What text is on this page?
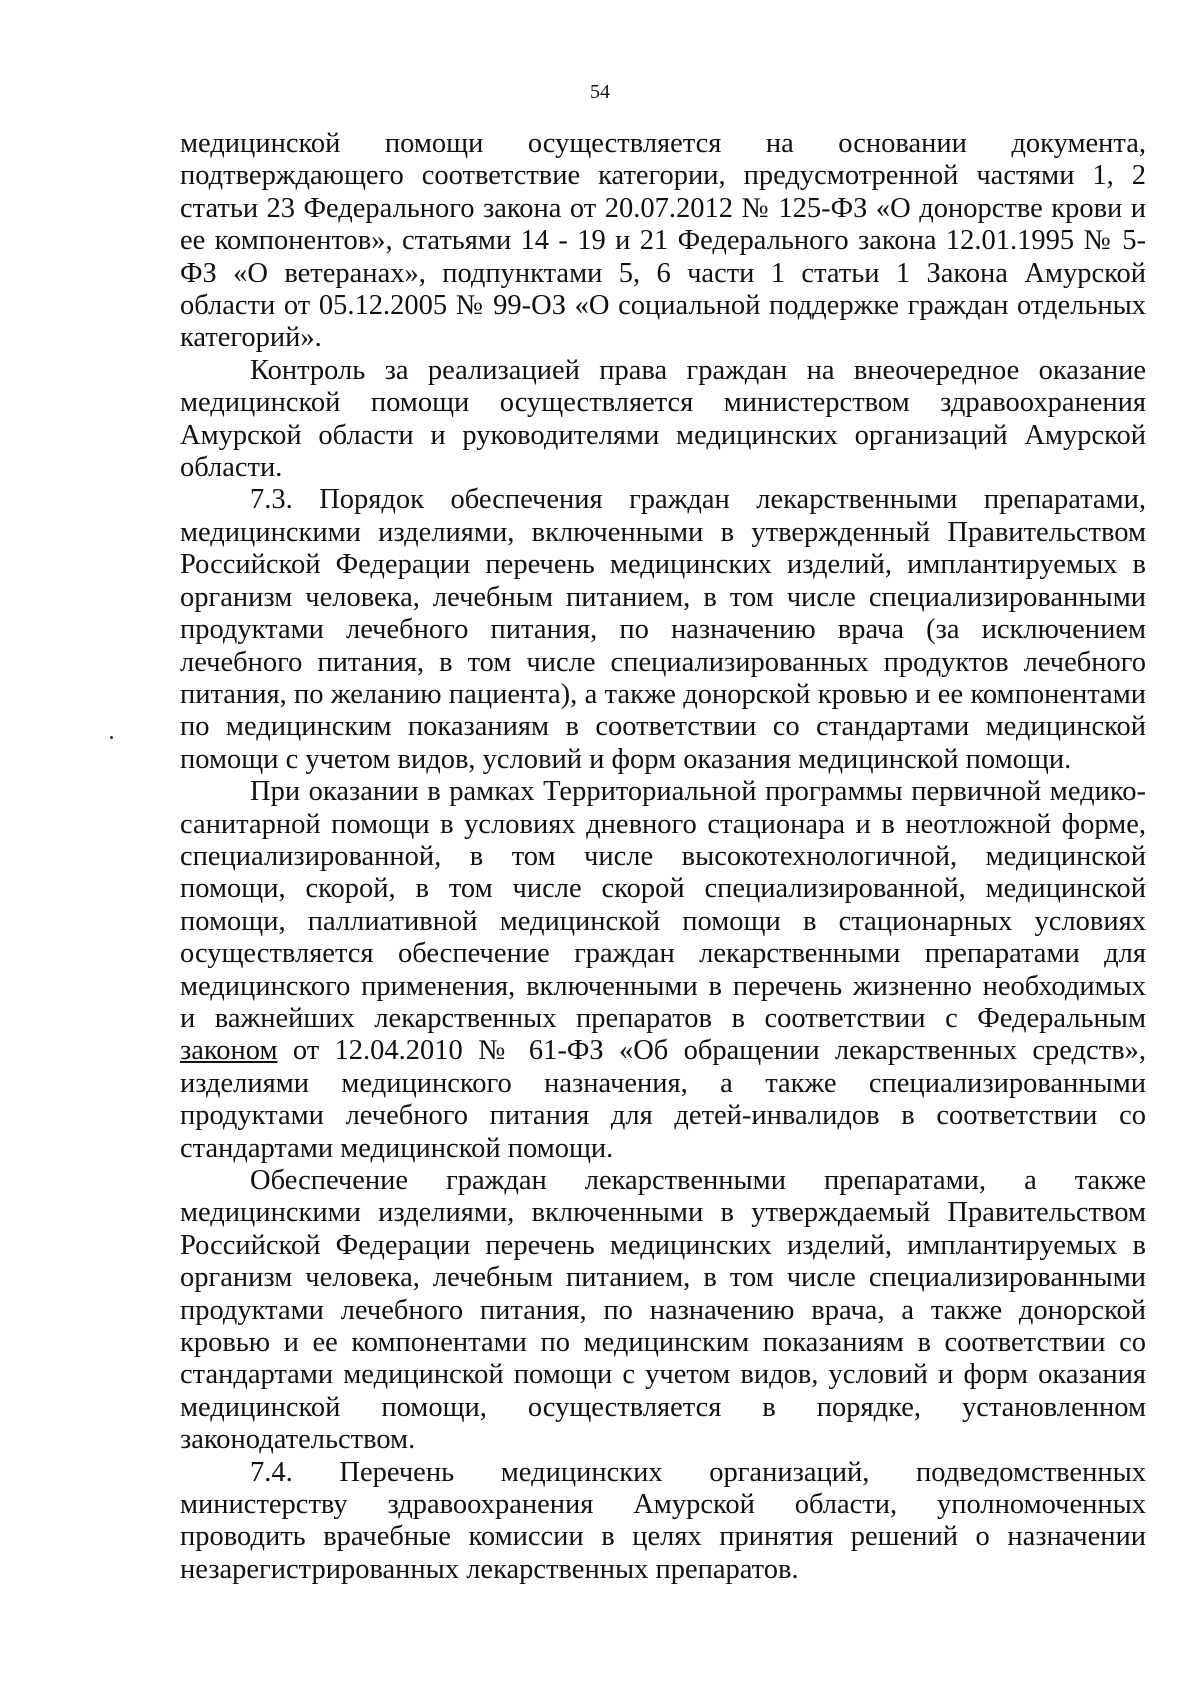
54

медицинской помощи осуществляется на основании документа, подтверждающего соответствие категории, предусмотренной частями 1, 2 статьи 23 Федерального закона от 20.07.2012 № 125-ФЗ «О донорстве крови и ее компонентов», статьями 14 - 19 и 21 Федерального закона 12.01.1995 № 5-ФЗ «О ветеранах», подпунктами 5, 6 части 1 статьи 1 Закона Амурской области от 05.12.2005 № 99-ОЗ «О социальной поддержке граждан отдельных категорий».

Контроль за реализацией права граждан на внеочередное оказание медицинской помощи осуществляется министерством здравоохранения Амурской области и руководителями медицинских организаций Амурской области.

7.3. Порядок обеспечения граждан лекарственными препаратами, медицинскими изделиями, включенными в утвержденный Правительством Российской Федерации перечень медицинских изделий, имплантируемых в организм человека, лечебным питанием, в том числе специализированными продуктами лечебного питания, по назначению врача (за исключением лечебного питания, в том числе специализированных продуктов лечебного питания, по желанию пациента), а также донорской кровью и ее компонентами по медицинским показаниям в соответствии со стандартами медицинской помощи с учетом видов, условий и форм оказания медицинской помощи.

При оказании в рамках Территориальной программы первичной медико-санитарной помощи в условиях дневного стационара и в неотложной форме, специализированной, в том числе высокотехнологичной, медицинской помощи, скорой, в том числе скорой специализированной, медицинской помощи, паллиативной медицинской помощи в стационарных условиях осуществляется обеспечение граждан лекарственными препаратами для медицинского применения, включенными в перечень жизненно необходимых и важнейших лекарственных препаратов в соответствии с Федеральным законом от 12.04.2010 № 61-ФЗ «Об обращении лекарственных средств», изделиями медицинского назначения, а также специализированными продуктами лечебного питания для детей-инвалидов в соответствии со стандартами медицинской помощи.

Обеспечение граждан лекарственными препаратами, а также медицинскими изделиями, включенными в утверждаемый Правительством Российской Федерации перечень медицинских изделий, имплантируемых в организм человека, лечебным питанием, в том числе специализированными продуктами лечебного питания, по назначению врача, а также донорской кровью и ее компонентами по медицинским показаниям в соответствии со стандартами медицинской помощи с учетом видов, условий и форм оказания медицинской помощи, осуществляется в порядке, установленном законодательством.

7.4. Перечень медицинских организаций, подведомственных министерству здравоохранения Амурской области, уполномоченных проводить врачебные комиссии в целях принятия решений о назначении незарегистрированных лекарственных препаратов.
